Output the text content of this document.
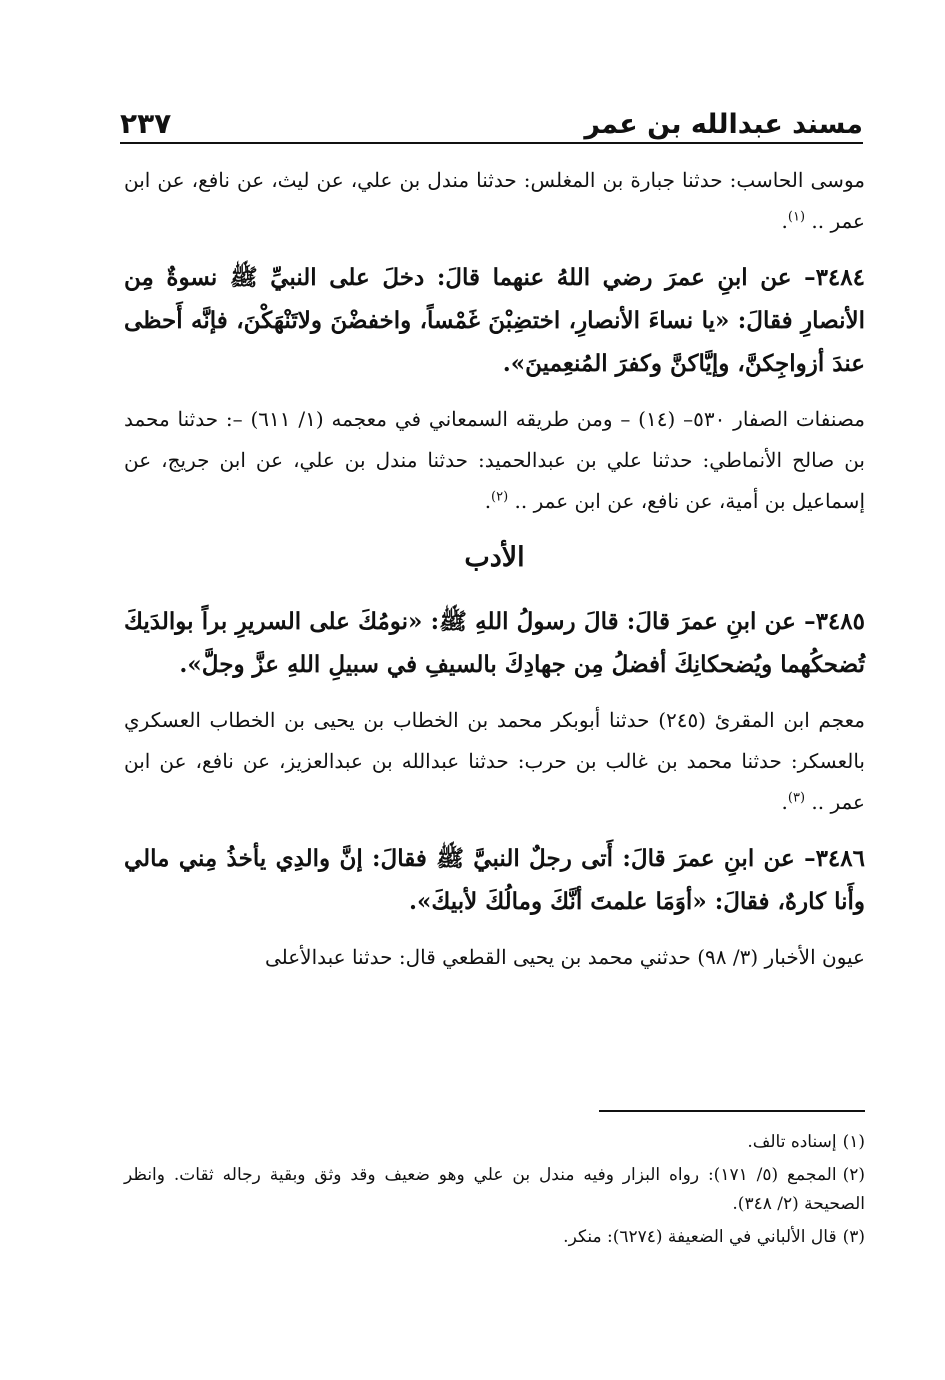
مسند عبدالله بن عمر
٢٣٧

موسى الحاسب: حدثنا جبارة بن المغلس: حدثنا مندل بن علي، عن ليث، عن نافع، عن ابن عمر .. $^{(١)}$.

٣٤٨٤– عن ابنِ عمرَ رضي اللهُ عنهما قالَ: دخلَ على النبيِّ ﷺ نسوةٌ مِن الأنصارِ فقالَ: «يا نساءَ الأنصارِ، اختضِبْنَ غَمْساً، واخفضْنَ ولاتَنْهَكْنَ، فإنَّه أَحظى عندَ أزواجِكنَّ، وإيَّاكنَّ وكفرَ المُنعِمينَ».

مصنفات الصفار ٥٣٠– (١٤) – ومن طريقه السمعاني في معجمه (١/ ٦١١) –: حدثنا محمد بن صالح الأنماطي: حدثنا علي بن عبدالحميد: حدثنا مندل بن علي، عن ابن جريج، عن إسماعيل بن أمية، عن نافع، عن ابن عمر .. $^{(٢)}$.

الأدب

٣٤٨٥– عن ابنِ عمرَ قالَ: قالَ رسولُ اللهِ ﷺ: «نومُكَ على السريرِ براً بوالدَيكَ تُضحكُهما ويُضحكانِكَ أفضلُ مِن جهادِكَ بالسيفِ في سبيلِ اللهِ عزَّ وجلَّ».

معجم ابن المقرئ (٢٤٥) حدثنا أبوبكر محمد بن الخطاب بن يحيى بن الخطاب العسكري بالعسكر: حدثنا محمد بن غالب بن حرب: حدثنا عبدالله بن عبدالعزيز، عن نافع، عن ابن عمر .. $^{(٣)}$.

٣٤٨٦– عن ابنِ عمرَ قالَ: أَتى رجلٌ النبيَّ ﷺ فقالَ: إنَّ والدِي يأخذُ مِني مالي وأَنا كارهٌ، فقالَ: «أوَمَا علمتَ أنَّكَ ومالُكَ لأبيكَ».

عيون الأخبار (٣/ ٩٨) حدثني محمد بن يحيى القطعي قال: حدثنا عبدالأعلى

(١)إسناده تالف.

(٢)المجمع (٥/ ١٧١): رواه البزار وفيه مندل بن علي وهو ضعيف وقد وثق وبقية رجاله ثقات. وانظر الصحيحة (٢/ ٣٤٨).

(٣)قال الألباني في الضعيفة (٦٢٧٤): منكر.
